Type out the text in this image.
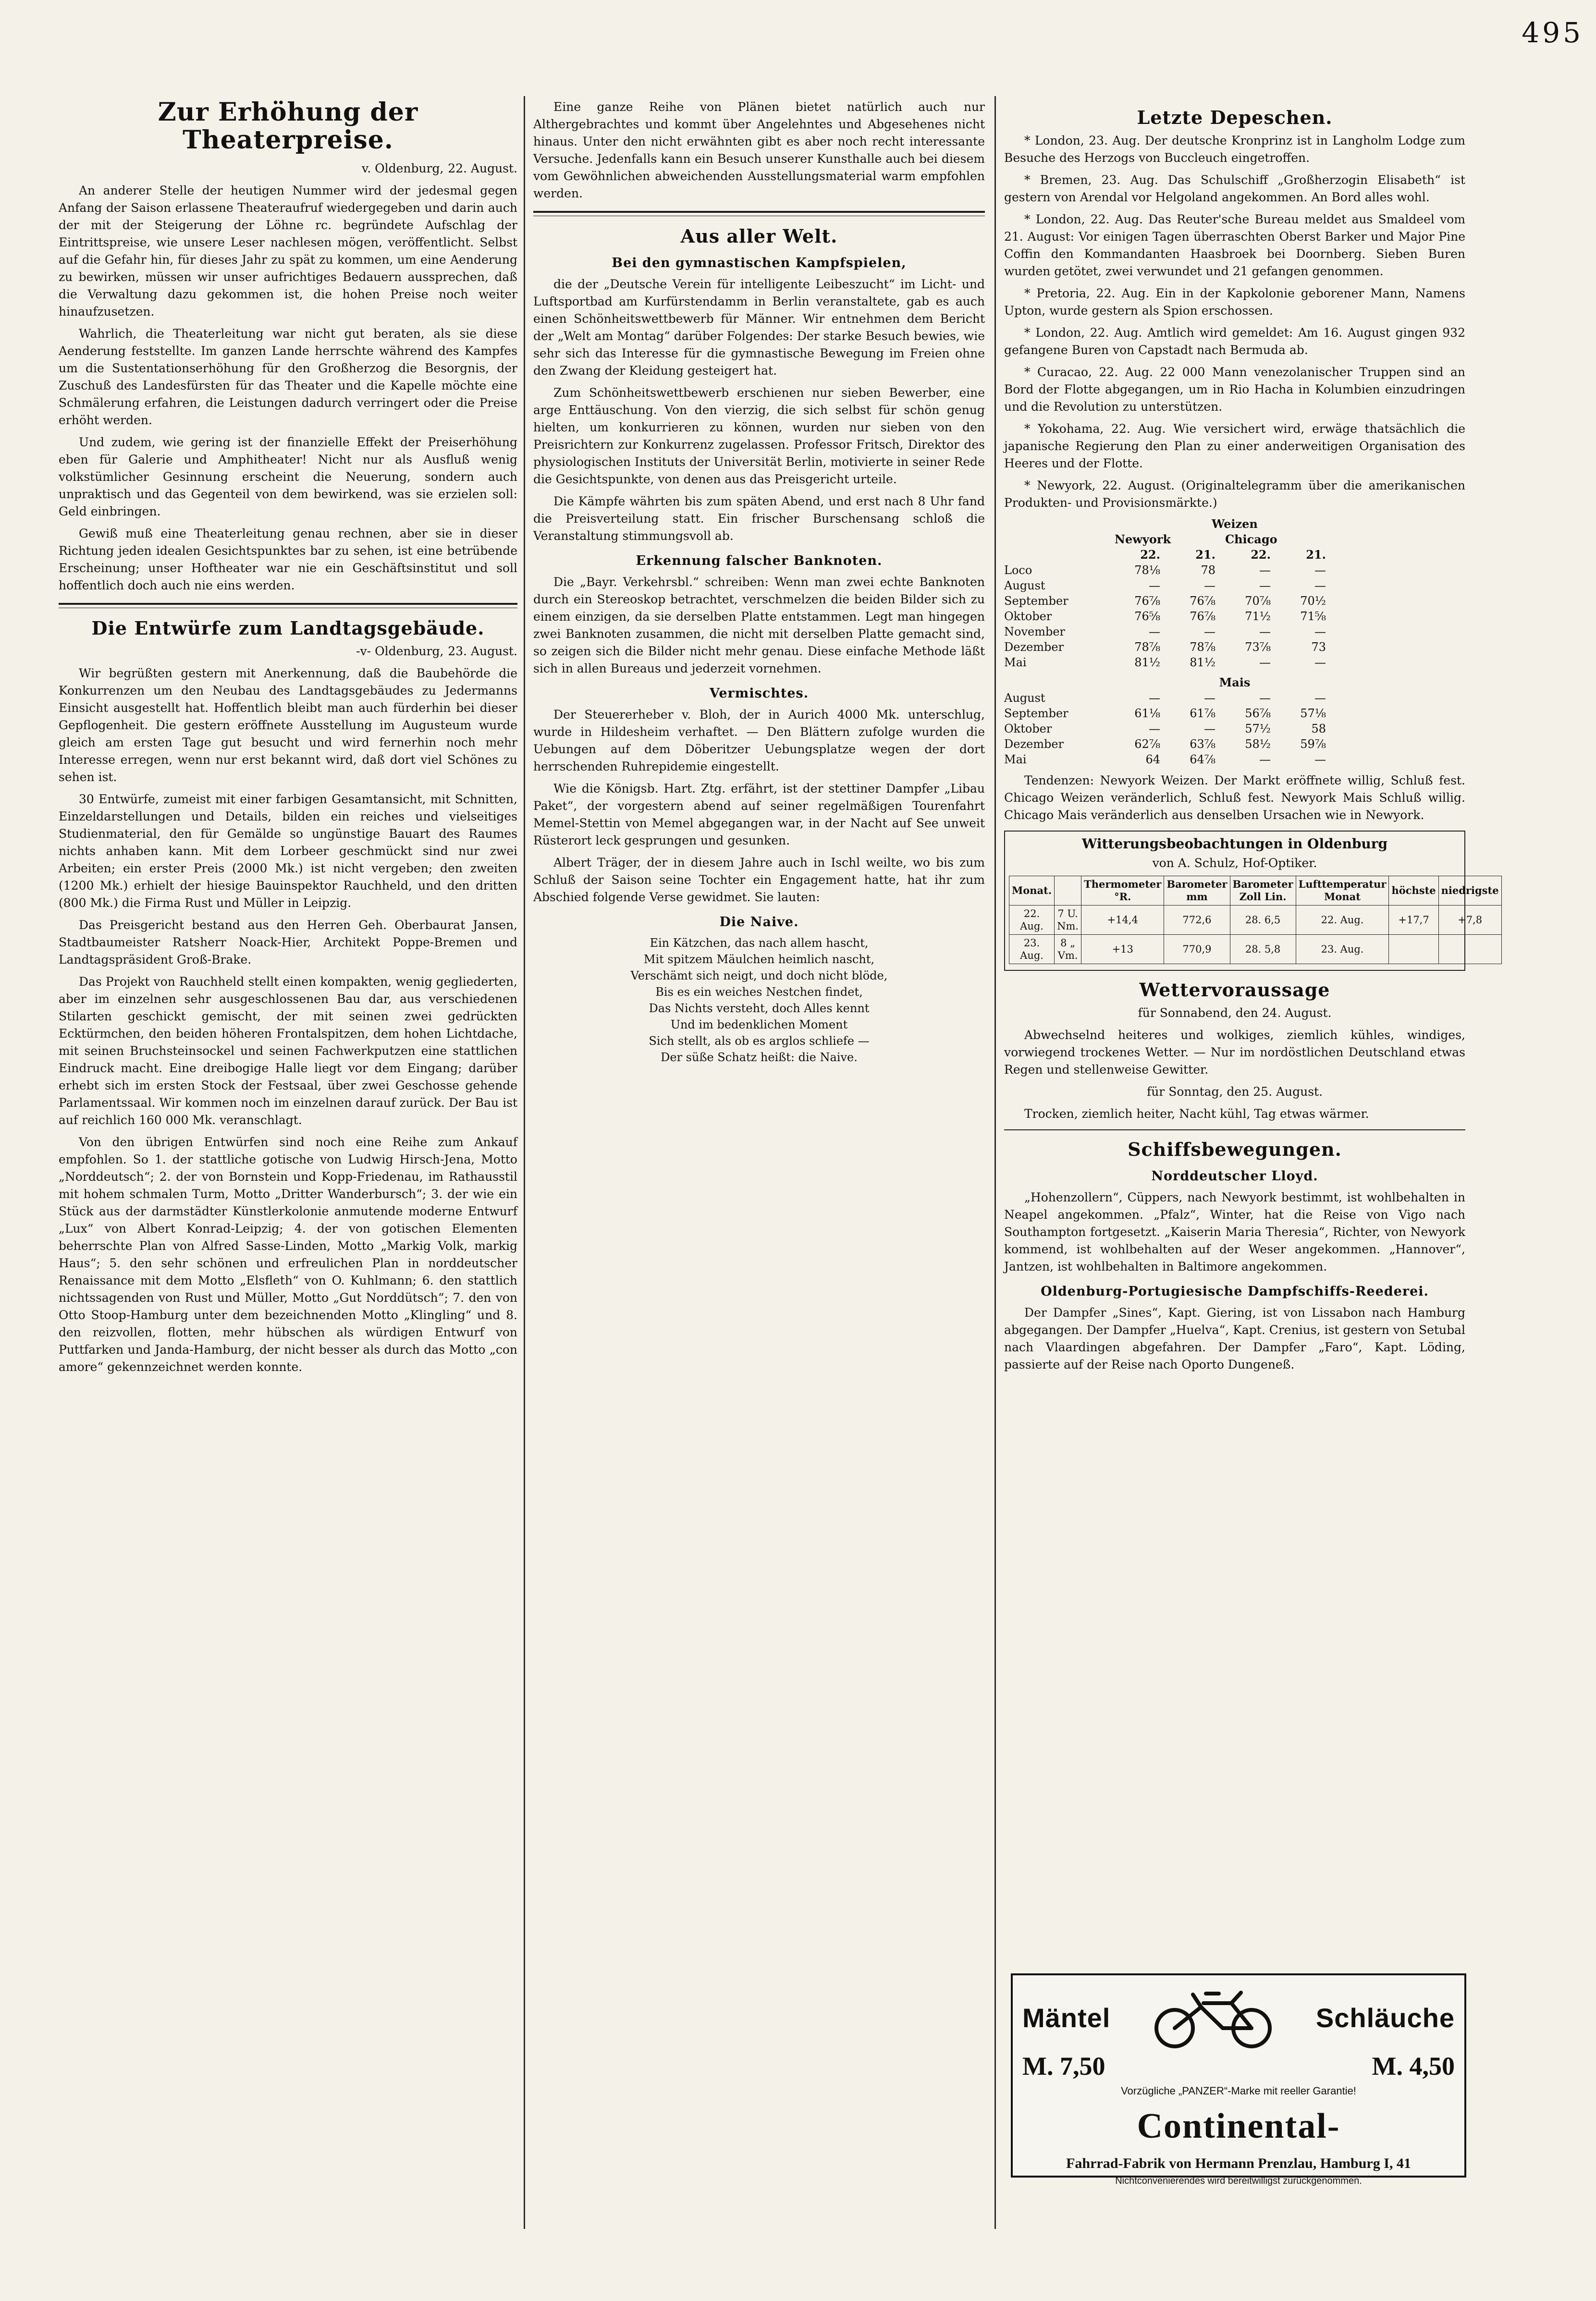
495
Zur Erhöhung der Theaterpreise.
v. Oldenburg, 22. August.

An anderer Stelle der heutigen Nummer wird der jedesmal gegen Anfang der Saison erlassene Theateraufruf wiedergegeben und darin auch der mit der Steigerung der Löhne rc. begründete Aufschlag der Eintrittspreise, wie unsere Leser nachlesen mögen, veröffentlicht. Selbst auf die Gefahr hin, für dieses Jahr zu spät zu kommen, um eine Aenderung zu bewirken, müssen wir unser aufrichtiges Bedauern aussprechen, daß die Verwaltung dazu gekommen ist, die hohen Preise noch weiter hinaufzusetzen.

Wahrlich, die Theaterleitung war nicht gut beraten, als sie diese Aenderung feststellte. Im ganzen Lande herrschte während des Kampfes um die Sustentationserhöhung für den Großherzog die Besorgnis, der Zuschuß des Landesfürsten für das Theater und die Kapelle möchte eine Schmälerung erfahren, die Leistungen dadurch verringert oder die Preise erhöht werden.

Und zudem, wie gering ist der finanzielle Effekt der Preiserhöhung eben für Galerie und Amphitheater! Nicht nur als Ausfluß wenig volkstümlicher Gesinnung erscheint die Neuerung, sondern auch unpraktisch und das Gegenteil von dem bewirkend, was sie erzielen soll: Geld einbringen.

Gewiß muß eine Theaterleitung genau rechnen, aber sie in dieser Richtung jeden idealen Gesichtspunktes bar zu sehen, ist eine betrübende Erscheinung; unser Hoftheater war nie ein Geschäftsinstitut und soll hoffentlich doch auch nie eins werden.

Die Entwürfe zum Landtagsgebäude.
-v- Oldenburg, 23. August.

Wir begrüßten gestern mit Anerkennung, daß die Baubehörde die Konkurrenzen um den Neubau des Landtagsgebäudes zu Jedermanns Einsicht ausgestellt hat. Hoffentlich bleibt man auch fürderhin bei dieser Gepflogenheit. Die gestern eröffnete Ausstellung im Augusteum wurde gleich am ersten Tage gut besucht und wird fernerhin noch mehr Interesse erregen, wenn nur erst bekannt wird, daß dort viel Schönes zu sehen ist.

30 Entwürfe, zumeist mit einer farbigen Gesamtansicht, mit Schnitten, Einzeldarstellungen und Details, bilden ein reiches und vielseitiges Studienmaterial, den für Gemälde so ungünstige Bauart des Raumes nichts anhaben kann. Mit dem Lorbeer geschmückt sind nur zwei Arbeiten; ein erster Preis (2000 Mk.) ist nicht vergeben; den zweiten (1200 Mk.) erhielt der hiesige Bauinspektor Rauchheld, und den dritten (800 Mk.) die Firma Rust und Müller in Leipzig.

Das Preisgericht bestand aus den Herren Geh. Oberbaurat Jansen, Stadtbaumeister Ratsherr Noack-Hier, Architekt Poppe-Bremen und Landtagspräsident Groß-Brake.

Das Projekt von Rauchheld stellt einen kompakten, wenig gegliederten, aber im einzelnen sehr ausgeschlossenen Bau dar, aus verschiedenen Stilarten geschickt gemischt, der mit seinen zwei gedrückten Ecktürmchen, den beiden höheren Frontalspitzen, dem hohen Lichtdache, mit seinen Bruchsteinsockel und seinen Fachwerkputzen eine stattlichen Eindruck macht. Eine dreibogige Halle liegt vor dem Eingang; darüber erhebt sich im ersten Stock der Festsaal, über zwei Geschosse gehende Parlamentssaal. Wir kommen noch im einzelnen darauf zurück. Der Bau ist auf reichlich 160 000 Mk. veranschlagt.

Von den übrigen Entwürfen sind noch eine Reihe zum Ankauf empfohlen. So 1. der stattliche gotische von Ludwig Hirsch-Jena, Motto „Norddeutsch“; 2. der von Bornstein und Kopp-Friedenau, im Rathausstil mit hohem schmalen Turm, Motto „Dritter Wanderbursch“; 3. der wie ein Stück aus der darmstädter Künstlerkolonie anmutende moderne Entwurf „Lux“ von Albert Konrad-Leipzig; 4. der von gotischen Elementen beherrschte Plan von Alfred Sasse-Linden, Motto „Markig Volk, markig Haus“; 5. den sehr schönen und erfreulichen Plan in norddeutscher Renaissance mit dem Motto „Elsfleth“ von O. Kuhlmann; 6. den stattlich nichtssagenden von Rust und Müller, Motto „Gut Norddütsch“; 7. den von Otto Stoop-Hamburg unter dem bezeichnenden Motto „Klingling“ und 8. den reizvollen, flotten, mehr hübschen als würdigen Entwurf von Puttfarken und Janda-Hamburg, der nicht besser als durch das Motto „con amore“ gekennzeichnet werden konnte.

Eine ganze Reihe von Plänen bietet natürlich auch nur Althergebrachtes und kommt über Angelehntes und Abgesehenes nicht hinaus. Unter den nicht erwähnten gibt es aber noch recht interessante Versuche. Jedenfalls kann ein Besuch unserer Kunsthalle auch bei diesem vom Gewöhnlichen abweichenden Ausstellungsmaterial warm empfohlen werden.

Aus aller Welt.
Bei den gymnastischen Kampfspielen,

die der „Deutsche Verein für intelligente Leibeszucht“ im Licht- und Luftsportbad am Kurfürstendamm in Berlin veranstaltete, gab es auch einen Schönheitswettbewerb für Männer. Wir entnehmen dem Bericht der „Welt am Montag“ darüber Folgendes: Der starke Besuch bewies, wie sehr sich das Interesse für die gymnastische Bewegung im Freien ohne den Zwang der Kleidung gesteigert hat.

Zum Schönheitswettbewerb erschienen nur sieben Bewerber, eine arge Enttäuschung. Von den vierzig, die sich selbst für schön genug hielten, um konkurrieren zu können, wurden nur sieben von den Preisrichtern zur Konkurrenz zugelassen. Professor Fritsch, Direktor des physiologischen Instituts der Universität Berlin, motivierte in seiner Rede die Gesichtspunkte, von denen aus das Preisgericht urteile.

Die Kämpfe währten bis zum späten Abend, und erst nach 8 Uhr fand die Preisverteilung statt. Ein frischer Burschensang schloß die Veranstaltung stimmungsvoll ab.

Erkennung falscher Banknoten.

Die „Bayr. Verkehrsbl.“ schreiben: Wenn man zwei echte Banknoten durch ein Stereoskop betrachtet, verschmelzen die beiden Bilder sich zu einem einzigen, da sie derselben Platte entstammen. Legt man hingegen zwei Banknoten zusammen, die nicht mit derselben Platte gemacht sind, so zeigen sich die Bilder nicht mehr genau. Diese einfache Methode läßt sich in allen Bureaus und jederzeit vornehmen.

Vermischtes.

Der Steuererheber v. Bloh, der in Aurich 4000 Mk. unterschlug, wurde in Hildesheim verhaftet. — Den Blättern zufolge wurden die Uebungen auf dem Döberitzer Uebungsplatze wegen der dort herrschenden Ruhrepidemie eingestellt.

Wie die Königsb. Hart. Ztg. erfährt, ist der stettiner Dampfer „Libau Paket“, der vorgestern abend auf seiner regelmäßigen Tourenfahrt Memel-Stettin von Memel abgegangen war, in der Nacht auf See unweit Rüsterort leck gesprungen und gesunken.

Albert Träger, der in diesem Jahre auch in Ischl weilte, wo bis zum Schluß der Saison seine Tochter ein Engagement hatte, hat ihr zum Abschied folgende Verse gewidmet. Sie lauten:

Die Naive.
Ein Kätzchen, das nach allem hascht,
Mit spitzem Mäulchen heimlich nascht,
Verschämt sich neigt, und doch nicht blöde,
Bis es ein weiches Nestchen findet,
Das Nichts versteht, doch Alles kennt
Und im bedenklichen Moment
Sich stellt, als ob es arglos schliefe —
Der süße Schatz heißt: die Naive.
Letzte Depeschen.

* London, 23. Aug. Der deutsche Kronprinz ist in Langholm Lodge zum Besuche des Herzogs von Buccleuch eingetroffen.

* Bremen, 23. Aug. Das Schulschiff „Großherzogin Elisabeth“ ist gestern von Arendal vor Helgoland angekommen. An Bord alles wohl.

* London, 22. Aug. Das Reuter'sche Bureau meldet aus Smaldeel vom 21. August: Vor einigen Tagen überraschten Oberst Barker und Major Pine Coffin den Kommandanten Haasbroek bei Doornberg. Sieben Buren wurden getötet, zwei verwundet und 21 gefangen genommen.

* Pretoria, 22. Aug. Ein in der Kapkolonie geborener Mann, Namens Upton, wurde gestern als Spion erschossen.

* London, 22. Aug. Amtlich wird gemeldet: Am 16. August gingen 932 gefangene Buren von Capstadt nach Bermuda ab.

* Curacao, 22. Aug. 22 000 Mann venezolanischer Truppen sind an Bord der Flotte abgegangen, um in Rio Hacha in Kolumbien einzudringen und die Revolution zu unterstützen.

* Yokohama, 22. Aug. Wie versichert wird, erwäge thatsächlich die japanische Regierung den Plan zu einer anderweitigen Organisation des Heeres und der Flotte.

* Newyork, 22. August. (Originaltelegramm über die amerikanischen Produkten- und Provisionsmärkte.)

Weizen
Newyork	Chicago
22.	21.	22.	21.
Loco	78⅛	78	—	—
August	—	—	—	—
September	76⅞	76⅞	70⅞	70½
Oktober	76⅝	76⅞	71½	71⅝
November	—	—	—	—
Dezember	78⅞	78⅞	73⅞	73
Mai	81½	81½	—	—
Mais
August	—	—	—	—
September	61⅛	61⅞	56⅞	57⅛
Oktober	—	—	57½	58
Dezember	62⅞	63⅞	58½	59⅞
Mai	64	64⅞	—	—

Tendenzen: Newyork Weizen. Der Markt eröffnete willig, Schluß fest. Chicago Weizen veränderlich, Schluß fest. Newyork Mais Schluß willig. Chicago Mais veränderlich aus denselben Ursachen wie in Newyork.

Witterungsbeobachtungen in Oldenburg
von A. Schulz, Hof-Optiker.
Monat.		Thermometer °R.	Barometer mm	Barometer Zoll Lin.	Lufttemperatur Monat	höchste	niedrigste
22. Aug.	7 U. Nm.	+14,4	772,6	28. 6,5	22. Aug.	+17,7	+7,8
23. Aug.	8 „ Vm.	+13	770,9	28. 5,8	23. Aug.		
Wettervoraussage

für Sonnabend, den 24. August.

Abwechselnd heiteres und wolkiges, ziemlich kühles, windiges, vorwiegend trockenes Wetter. — Nur im nordöstlichen Deutschland etwas Regen und stellenweise Gewitter.

für Sonntag, den 25. August.

Trocken, ziemlich heiter, Nacht kühl, Tag etwas wärmer.

Schiffsbewegungen.
Norddeutscher Lloyd.

„Hohenzollern“, Cüppers, nach Newyork bestimmt, ist wohlbehalten in Neapel angekommen. „Pfalz“, Winter, hat die Reise von Vigo nach Southampton fortgesetzt. „Kaiserin Maria Theresia“, Richter, von Newyork kommend, ist wohlbehalten auf der Weser angekommen. „Hannover“, Jantzen, ist wohlbehalten in Baltimore angekommen.

Oldenburg-Portugiesische Dampfschiffs-Reederei.

Der Dampfer „Sines“, Kapt. Giering, ist von Lissabon nach Hamburg abgegangen. Der Dampfer „Huelva“, Kapt. Crenius, ist gestern von Setubal nach Vlaardingen abgefahren. Der Dampfer „Faro“, Kapt. Löding, passierte auf der Reise nach Oporto Dungeneß.

Mäntel	Schläuche
M. 7,50	M. 4,50
Vorzügliche „PANZER“-Marke mit reeller Garantie!
Continental-
Fahrrad-Fabrik von Hermann Prenzlau, Hamburg I, 41
Nichtconvenierendes wird bereitwilligst zurückgenommen.
